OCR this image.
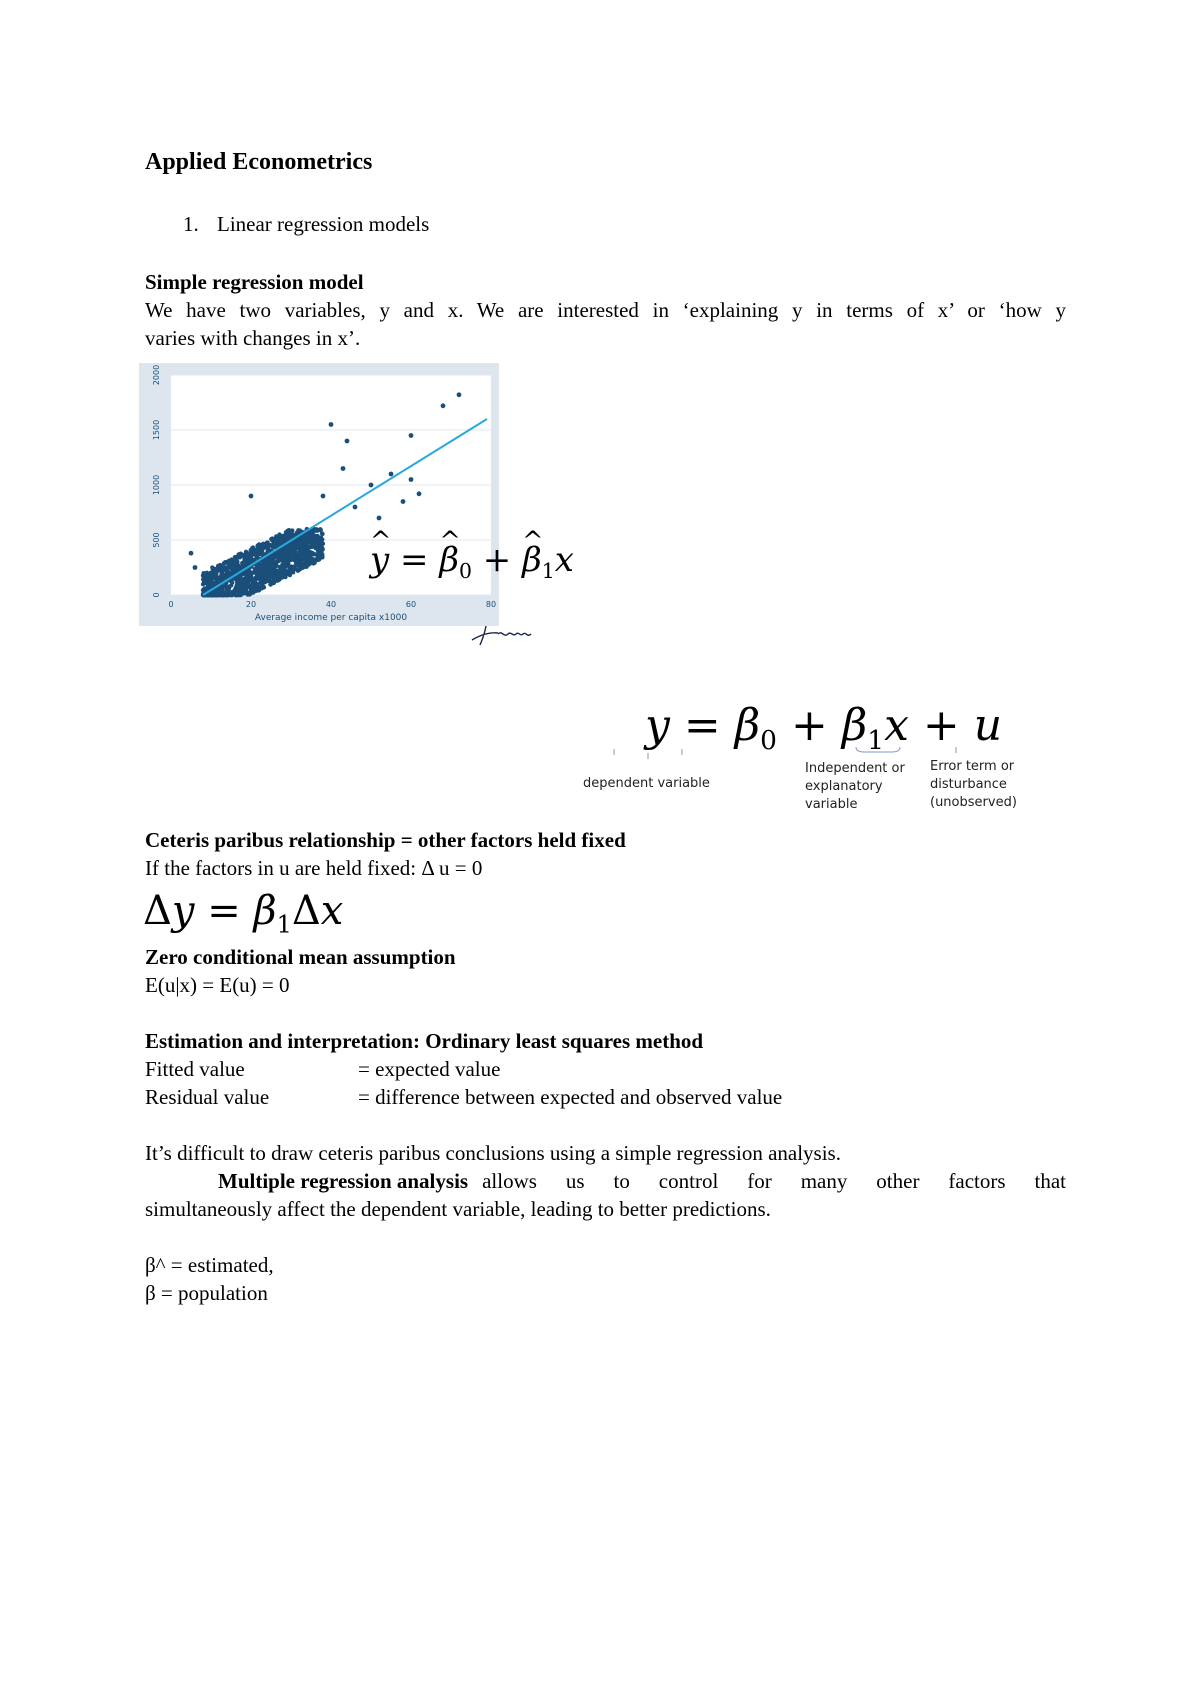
Applied Econometrics
1. Linear regression models
Simple regression model
We have two variables, y and x. We are interested in ‘explaining y in terms of x’ or ‘how y
varies with changes in x’.
0
500
1000
1500
2000
0	20	40	60	80
Average income per capita x1000
^ y = ^ $\beta_0$ + ^ $\beta_1x$
$y = \beta_0 + \beta_1x + u$
dependent variable
Independent or
explanatory
variable
Error term or
disturbance
(unobserved)
Ceteris paribus relationship = other factors held fixed
If the factors in u are held fixed: Δ u = 0
$\Delta y = \beta_1\Delta x$
Zero conditional mean assumption
E(u|x) = E(u) = 0
Estimation and interpretation: Ordinary least squares method
Fitted value	= expected value
Residual value	= difference between expected and observed value
It’s difficult to draw ceteris paribus conclusions using a simple regression analysis.
Multiple regression analysis allows us to control for many other factors that
simultaneously affect the dependent variable, leading to better predictions.
β^ = estimated,
β = population
